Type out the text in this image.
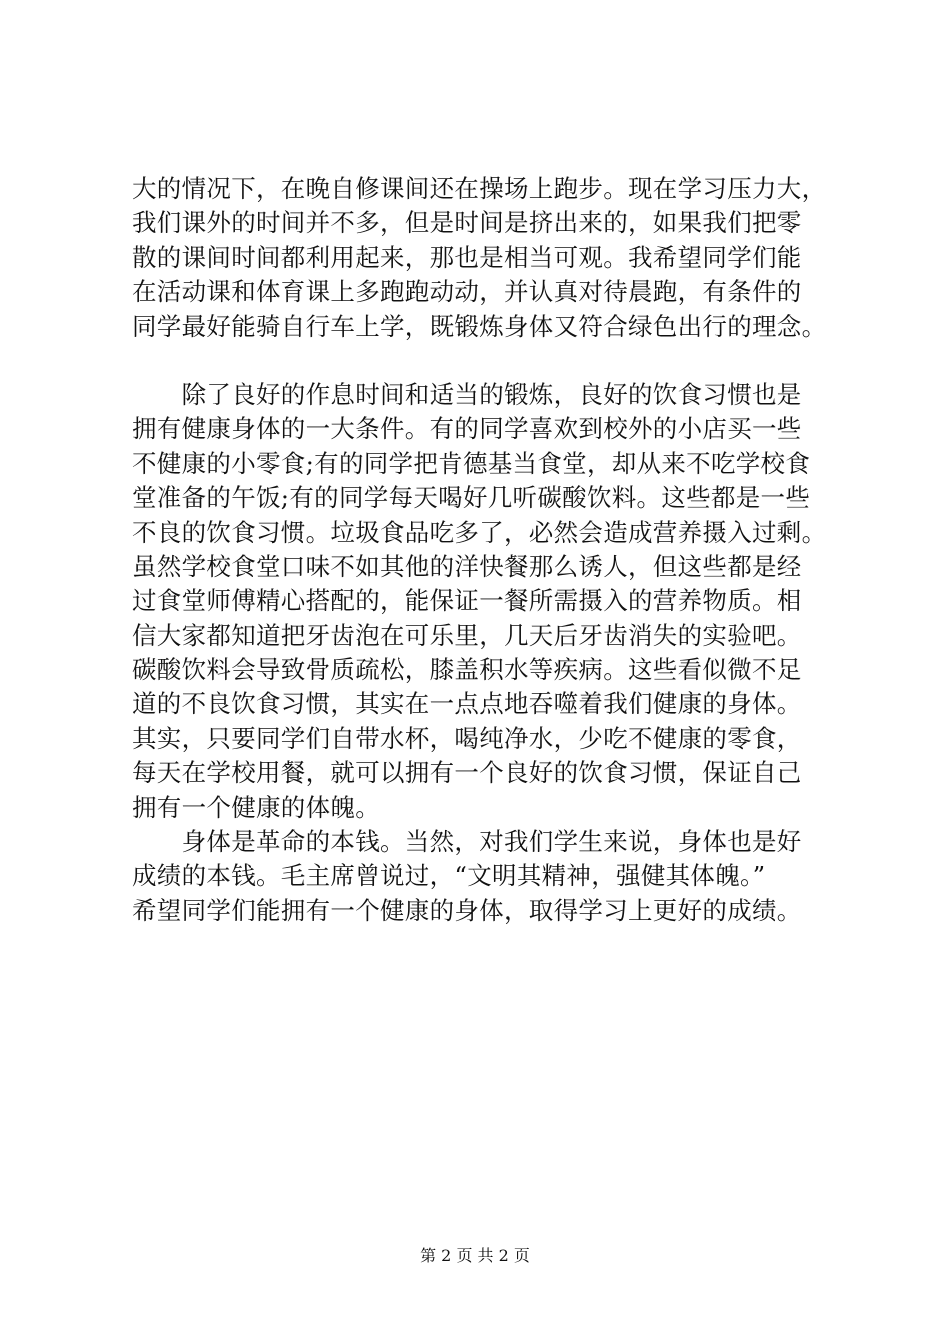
大的情况下，在晚自修课间还在操场上跑步。现在学习压力大，
我们课外的时间并不多，但是时间是挤出来的，如果我们把零
散的课间时间都利用起来，那也是相当可观。我希望同学们能
在活动课和体育课上多跑跑动动，并认真对待晨跑，有条件的
同学最好能骑自行车上学，既锻炼身体又符合绿色出行的理念。
　　除了良好的作息时间和适当的锻炼，良好的饮食习惯也是
拥有健康身体的一大条件。有的同学喜欢到校外的小店买一些
不健康的小零食;有的同学把肯德基当食堂，却从来不吃学校食
堂准备的午饭;有的同学每天喝好几听碳酸饮料。这些都是一些
不良的饮食习惯。垃圾食品吃多了，必然会造成营养摄入过剩。
虽然学校食堂口味不如其他的洋快餐那么诱人，但这些都是经
过食堂师傅精心搭配的，能保证一餐所需摄入的营养物质。相
信大家都知道把牙齿泡在可乐里，几天后牙齿消失的实验吧。
碳酸饮料会导致骨质疏松，膝盖积水等疾病。这些看似微不足
道的不良饮食习惯，其实在一点点地吞噬着我们健康的身体。
其实，只要同学们自带水杯，喝纯净水，少吃不健康的零食，
每天在学校用餐，就可以拥有一个良好的饮食习惯，保证自己
拥有一个健康的体魄。
　　身体是革命的本钱。当然，对我们学生来说，身体也是好
成绩的本钱。毛主席曾说过，“文明其精神，强健其体魄。”
希望同学们能拥有一个健康的身体，取得学习上更好的成绩。
第 2 页 共 2 页
